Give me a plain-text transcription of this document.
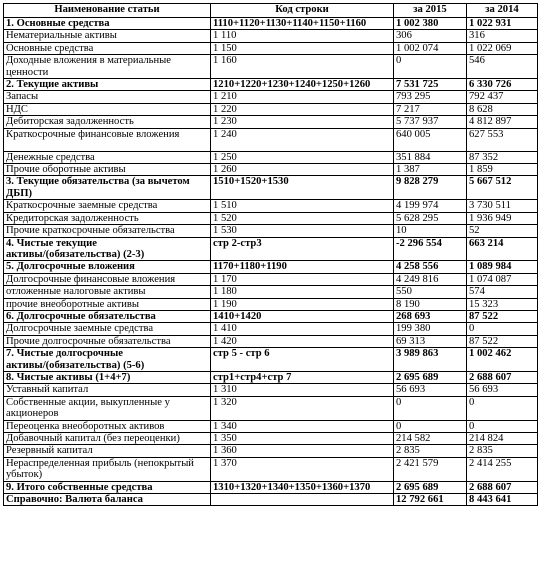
Наименование статьи	Код строки	за 2015	за 2014
1. Основные средства	1110+1120+1130+1140+1150+1160	1 002 380	1 022 931
Нематериальные активы	1 110	306	316
Основные средства	1 150	1 002 074	1 022 069
Доходные вложения в материальные ценности	1 160	0	546
2. Текущие активы	1210+1220+1230+1240+1250+1260	7 531 725	6 330 726
Запасы	1 210	793 295	792 437
НДС	1 220	7 217	8 628
Дебиторская задолженность	1 230	5 737 937	4 812 897
Краткосрочные финансовые вложения	1 240	640 005	627 553
Денежные средства	1 250	351 884	87 352
Прочие оборотные активы	1 260	1 387	1 859
3. Текущие обязательства (за вычетом ДБП)	1510+1520+1530	9 828 279	5 667 512
Краткосрочные заемные средства	1 510	4 199 974	3 730 511
Кредиторская задолженность	1 520	5 628 295	1 936 949
Прочие краткосрочные обязательства	1 530	10	52
4. Чистые текущие активы/(обязательства) (2-3)	стр 2-стр3	-2 296 554	663 214
5. Долгосрочные вложения	1170+1180+1190	4 258 556	1 089 984
Долгосрочные финансовые вложения	1 170	4 249 816	1 074 087
отложенные налоговые активы	1 180	550	574
прочие внеоборотные активы	1 190	8 190	15 323
6. Долгосрочные обязательства	1410+1420	268 693	87 522
Долгосрочные заемные средства	1 410	199 380	0
Прочие долгосрочные обязательства	1 420	69 313	87 522
7. Чистые долгосрочные активы/(обязательства) (5-6)	стр 5 - стр 6	3 989 863	1 002 462
8. Чистые активы (1+4+7)	стр1+стр4+стр 7	2 695 689	2 688 607
Уставный капитал	1 310	56 693	56 693
Собственные акции, выкупленные у акционеров	1 320	0	0
Переоценка внеоборотных активов	1 340	0	0
Добавочный капитал (без переоценки)	1 350	214 582	214 824
Резервный капитал	1 360	2 835	2 835
Нераспределенная прибыль (непокрытый убыток)	1 370	2 421 579	2 414 255
9. Итого собственные средства	1310+1320+1340+1350+1360+1370	2 695 689	2 688 607
Справочно: Валюта баланса		12 792 661	8 443 641
